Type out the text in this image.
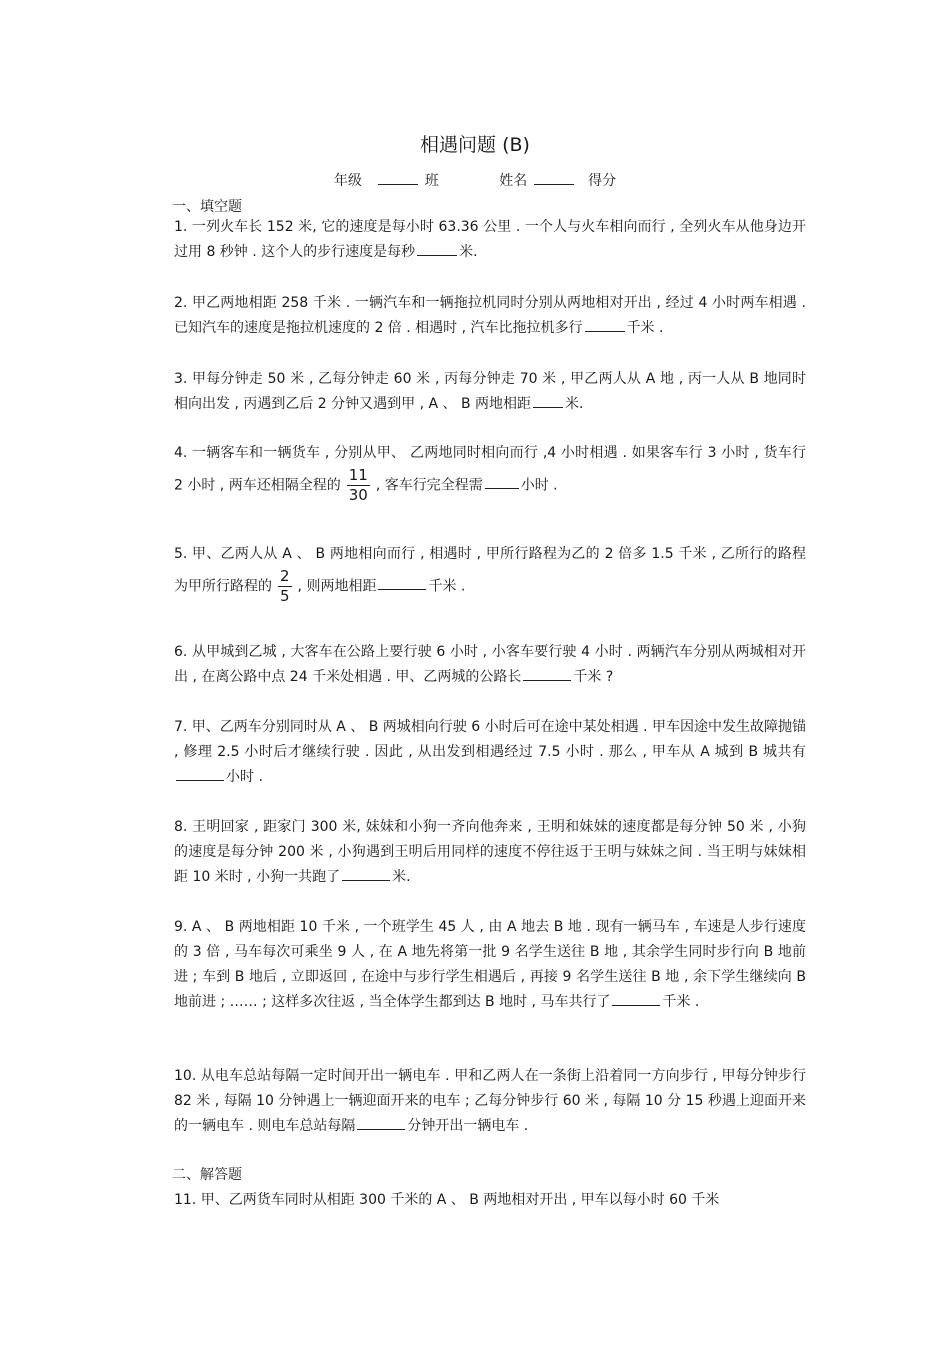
相遇问题 (B)
年级	班	姓名	得分
一、填空题

1. 一列火车长 152 米, 它的速度是每小时 63.36 公里 . 一个人与火车相向而行 , 全列火车从他身边开过用 8 秒钟 . 这个人的步行速度是每秒	米.

2. 甲乙两地相距 258 千米 . 一辆汽车和一辆拖拉机同时分别从两地相对开出 , 经过 4 小时两车相遇 . 已知汽车的速度是拖拉机速度的 2 倍 . 相遇时 , 汽车比拖拉机多行	千米 .

3. 甲每分钟走 50 米 , 乙每分钟走 60 米 , 丙每分钟走 70 米 , 甲乙两人从 A 地 , 丙一人从 B 地同时相向出发 , 丙遇到乙后 2 分钟又遇到甲 , A 、 B 两地相距 米.

4. 一辆客车和一辆货车 , 分别从甲、 乙两地同时相向而行 ,4 小时相遇 . 如果客车行 3 小时 , 货车行 2 小时 , 两车还相隔全程的 $\frac{11}{30}$ , 客车行完全程需	小时 .

5. 甲、乙两人从 A 、 B 两地相向而行 , 相遇时 , 甲所行路程为乙的 2 倍多 1.5 千米 , 乙所行的路程为甲所行路程的 $\frac{2}{5}$ , 则两地相距	千米 .

6. 从甲城到乙城 , 大客车在公路上要行驶 6 小时 , 小客车要行驶 4 小时 . 两辆汽车分别从两城相对开出 , 在离公路中点 24 千米处相遇 . 甲、乙两城的公路长	千米 ?

7. 甲、乙两车分别同时从 A 、 B 两城相向行驶 6 小时后可在途中某处相遇 . 甲车因途中发生故障抛锚 , 修理 2.5 小时后才继续行驶 . 因此 , 从出发到相遇经过 7.5 小时 . 那么 , 甲车从 A 城到 B 城共有小时 .

8. 王明回家 , 距家门 300 米, 妹妹和小狗一齐向他奔来 , 王明和妹妹的速度都是每分钟 50 米 , 小狗的速度是每分钟 200 米 , 小狗遇到王明后用同样的速度不停往返于王明与妹妹之间 . 当王明与妹妹相距 10 米时 , 小狗一共跑了	米.

9. A 、 B 两地相距 10 千米 , 一个班学生 45 人 , 由 A 地去 B 地 . 现有一辆马车 , 车速是人步行速度的 3 倍 , 马车每次可乘坐 9 人 , 在 A 地先将第一批 9 名学生送往 B 地 , 其余学生同时步行向 B 地前进 ; 车到 B 地后 , 立即返回 , 在途中与步行学生相遇后 , 再接 9 名学生送往 B 地 , 余下学生继续向 B 地前进 ; …… ; 这样多次往返 , 当全体学生都到达 B 地时 , 马车共行了	千米 .

10. 从电车总站每隔一定时间开出一辆电车 . 甲和乙两人在一条街上沿着同一方向步行 , 甲每分钟步行 82 米 , 每隔 10 分钟遇上一辆迎面开来的电车 ; 乙每分钟步行 60 米 , 每隔 10 分 15 秒遇上迎面开来的一辆电车 . 则电车总站每隔	分钟开出一辆电车 .

二、解答题

11. 甲、乙两货车同时从相距 300 千米的 A 、 B 两地相对开出 , 甲车以每小时 60 千米
